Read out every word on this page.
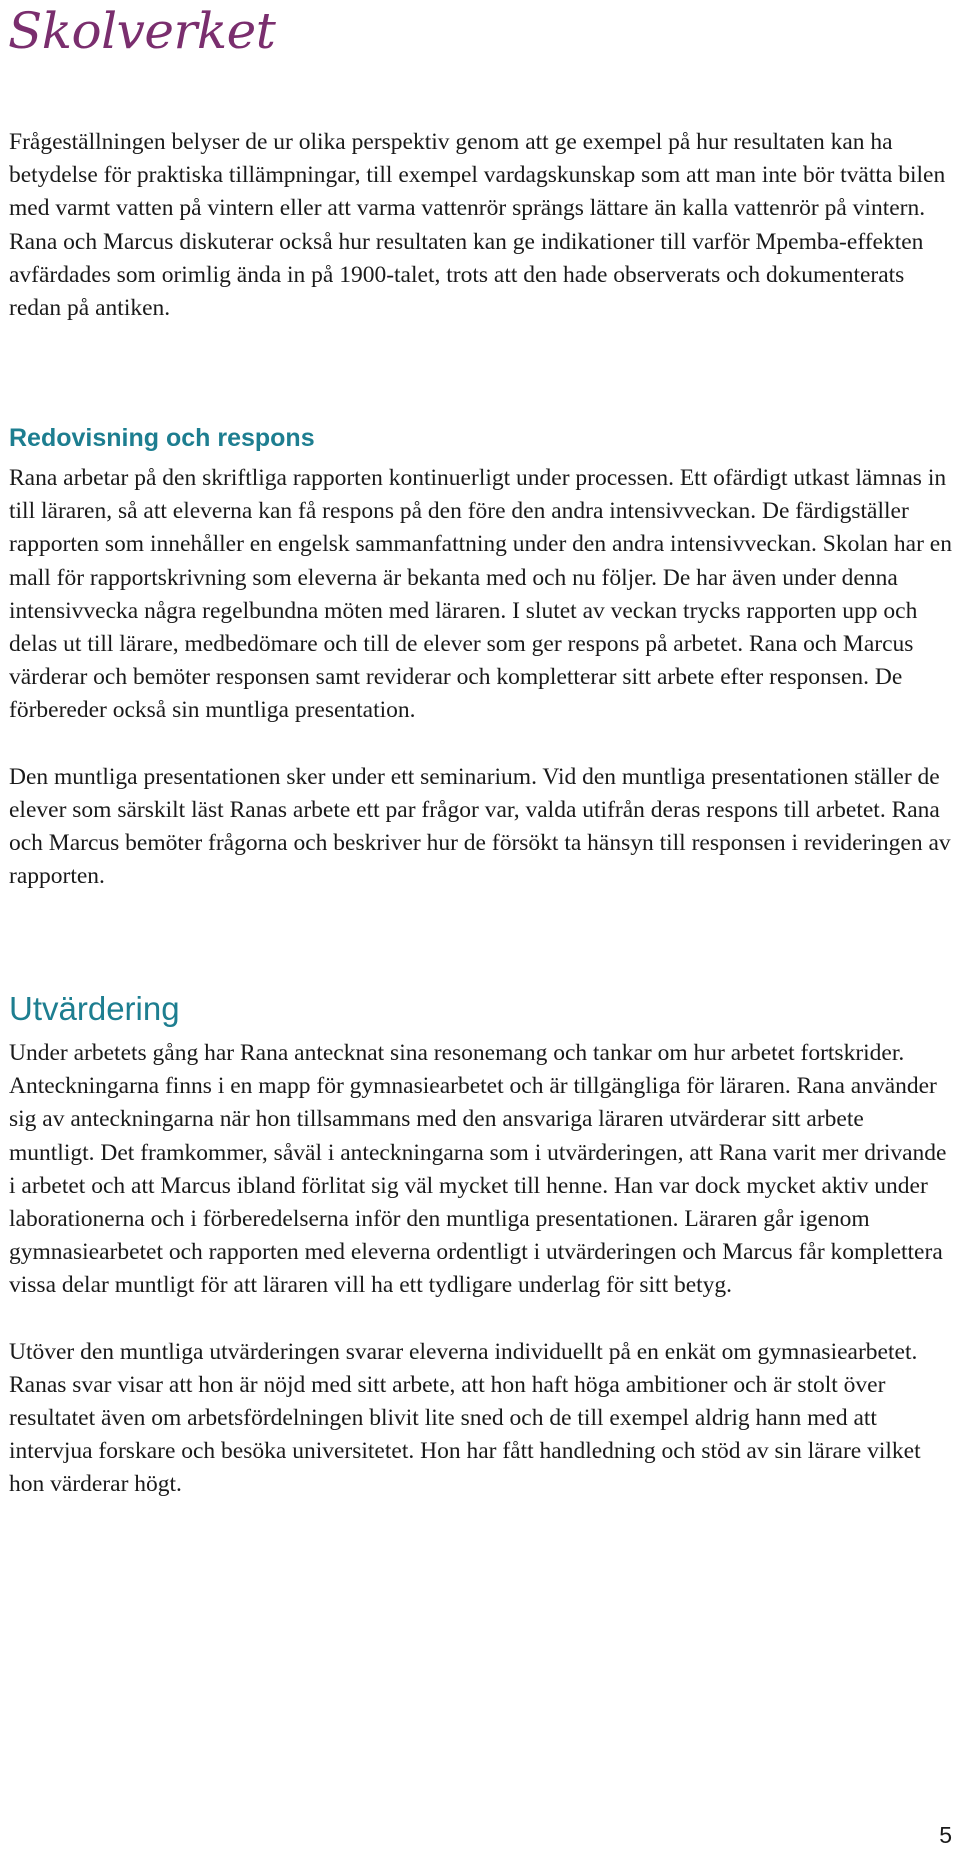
Skolverket

Frågeställningen belyser de ur olika perspektiv genom att ge exempel på hur resultaten kan ha betydelse för praktiska tillämpningar, till exempel vardagskunskap som att man inte bör tvätta bilen med varmt vatten på vintern eller att varma vattenrör sprängs lättare än kalla vattenrör på vintern. Rana och Marcus diskuterar också hur resultaten kan ge indikationer till varför Mpemba-effekten avfärdades som orimlig ända in på 1900-talet, trots att den hade observerats och dokumenterats redan på antiken.

Redovisning och respons

Rana arbetar på den skriftliga rapporten kontinuerligt under processen. Ett ofärdigt utkast lämnas in till läraren, så att eleverna kan få respons på den före den andra intensivveckan. De färdigställer rapporten som innehåller en engelsk sammanfattning under den andra intensivveckan. Skolan har en mall för rapportskrivning som eleverna är bekanta med och nu följer. De har även under denna intensivvecka några regelbundna möten med läraren. I slutet av veckan trycks rapporten upp och delas ut till lärare, medbedömare och till de elever som ger respons på arbetet. Rana och Marcus värderar och bemöter responsen samt reviderar och kompletterar sitt arbete efter responsen. De förbereder också sin muntliga presentation.

Den muntliga presentationen sker under ett seminarium. Vid den muntliga presentationen ställer de elever som särskilt läst Ranas arbete ett par frågor var, valda utifrån deras respons till arbetet. Rana och Marcus bemöter frågorna och beskriver hur de försökt ta hänsyn till responsen i revideringen av rapporten.

Utvärdering

Under arbetets gång har Rana antecknat sina resonemang och tankar om hur arbetet fortskrider. Anteckningarna finns i en mapp för gymnasiearbetet och är tillgängliga för läraren. Rana använder sig av anteckningarna när hon tillsammans med den ansvariga läraren utvärderar sitt arbete muntligt. Det framkommer, såväl i anteckningarna som i utvärderingen, att Rana varit mer drivande i arbetet och att Marcus ibland förlitat sig väl mycket till henne. Han var dock mycket aktiv under laborationerna och i förberedelserna inför den muntliga presentationen. Läraren går igenom gymnasiearbetet och rapporten med eleverna ordentligt i utvärderingen och Marcus får komplettera vissa delar muntligt för att läraren vill ha ett tydligare underlag för sitt betyg.

Utöver den muntliga utvärderingen svarar eleverna individuellt på en enkät om gymnasiearbetet. Ranas svar visar att hon är nöjd med sitt arbete, att hon haft höga ambitioner och är stolt över resultatet även om arbetsfördelningen blivit lite sned och de till exempel aldrig hann med att intervjua forskare och besöka universitetet. Hon har fått handledning och stöd av sin lärare vilket hon värderar högt.

5
